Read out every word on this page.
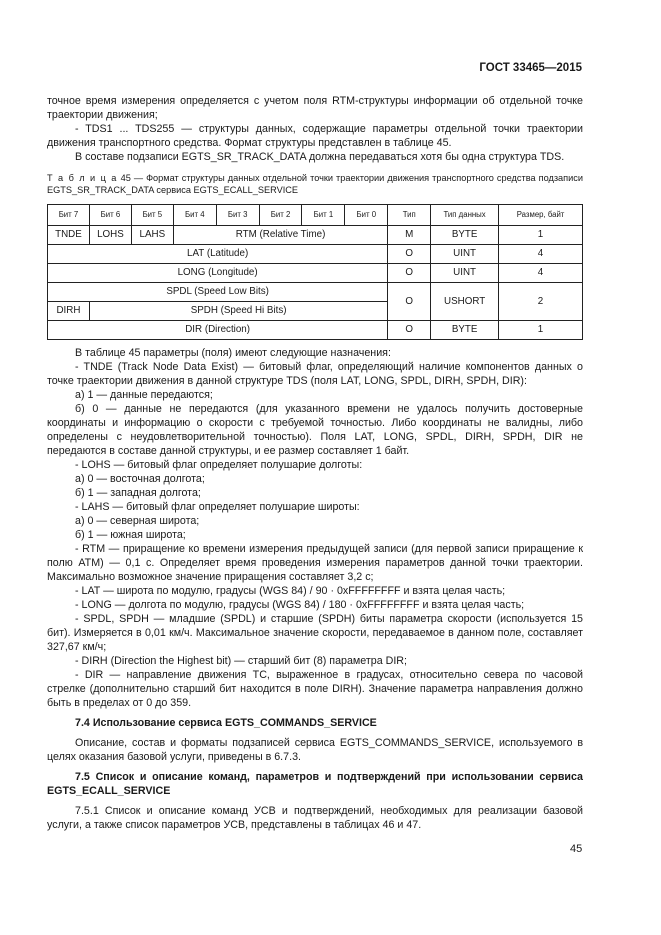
ГОСТ 33465—2015

точное время измерения определяется с учетом поля RTM-структуры информации об отдельной точке траектории движения;

- TDS1 ... TDS255 — структуры данных, содержащие параметры отдельной точки траектории движения транспортного средства. Формат структуры представлен в таблице 45.

В составе подзаписи EGTS_SR_TRACK_DATA должна передаваться хотя бы одна структура TDS.

Т а б л и ц а 45 — Формат структуры данных отдельной точки траектории движения транспортного средства подзаписи EGTS_SR_TRACK_DATA сервиса EGTS_ECALL_SERVICE

Бит 7	Бит 6	Бит 5	Бит 4	Бит 3	Бит 2	Бит 1	Бит 0	Тип	Тип данных	Размер, байт
TNDE	LOHS	LAHS	RTM (Relative Time)					M	BYTE	1
LAT (Latitude)								O	UINT	4
LONG (Longitude)								O	UINT	4
SPDL (Speed Low Bits)								O	USHORT	2
DIRH	SPDH (Speed Hi Bits)									
DIR (Direction)								O	BYTE	1

В таблице 45 параметры (поля) имеют следующие назначения:

- TNDE (Track Node Data Exist) — битовый флаг, определяющий наличие компонентов данных о точке траектории движения в данной структуре TDS (поля LAT, LONG, SPDL, DIRH, SPDH, DIR):

а) 1 — данные передаются;

б) 0 — данные не передаются (для указанного времени не удалось получить достоверные координаты и информацию о скорости с требуемой точностью. Либо координаты не валидны, либо определены с неудовлетворительной точностью). Поля LAT, LONG, SPDL, DIRH, SPDH, DIR не передаются в составе данной структуры, и ее размер составляет 1 байт.

- LOHS — битовый флаг определяет полушарие долготы:

а) 0 — восточная долгота;

б) 1 — западная долгота;

- LAHS — битовый флаг определяет полушарие широты:

а) 0 — северная широта;

б) 1 — южная широта;

- RTM — приращение ко времени измерения предыдущей записи (для первой записи приращение к полю ATM) — 0,1 с. Определяет время проведения измерения параметров данной точки траектории. Максимально возможное значение приращения составляет 3,2 с;

- LAT — широта по модулю, градусы (WGS 84) / 90 · 0xFFFFFFFF и взята целая часть;

- LONG — долгота по модулю, градусы (WGS 84) / 180 · 0xFFFFFFFF и взята целая часть;

- SPDL, SPDH — младшие (SPDL) и старшие (SPDH) биты параметра скорости (используется 15 бит). Измеряется в 0,01 км/ч. Максимальное значение скорости, передаваемое в данном поле, составляет 327,67 км/ч;

- DIRH (Direction the Highest bit) — старший бит (8) параметра DIR;

- DIR — направление движения ТС, выраженное в градусах, относительно севера по часовой стрелке (дополнительно старший бит находится в поле DIRH). Значение параметра направления должно быть в пределах от 0 до 359.

7.4 Использование сервиса EGTS_COMMANDS_SERVICE

Описание, состав и форматы подзаписей сервиса EGTS_COMMANDS_SERVICE, используемого в целях оказания базовой услуги, приведены в 6.7.3.

7.5 Список и описание команд, параметров и подтверждений при использовании сервиса EGTS_ECALL_SERVICE

7.5.1 Список и описание команд УСВ и подтверждений, необходимых для реализации базовой услуги, а также список параметров УСВ, представлены в таблицах 46 и 47.

45
